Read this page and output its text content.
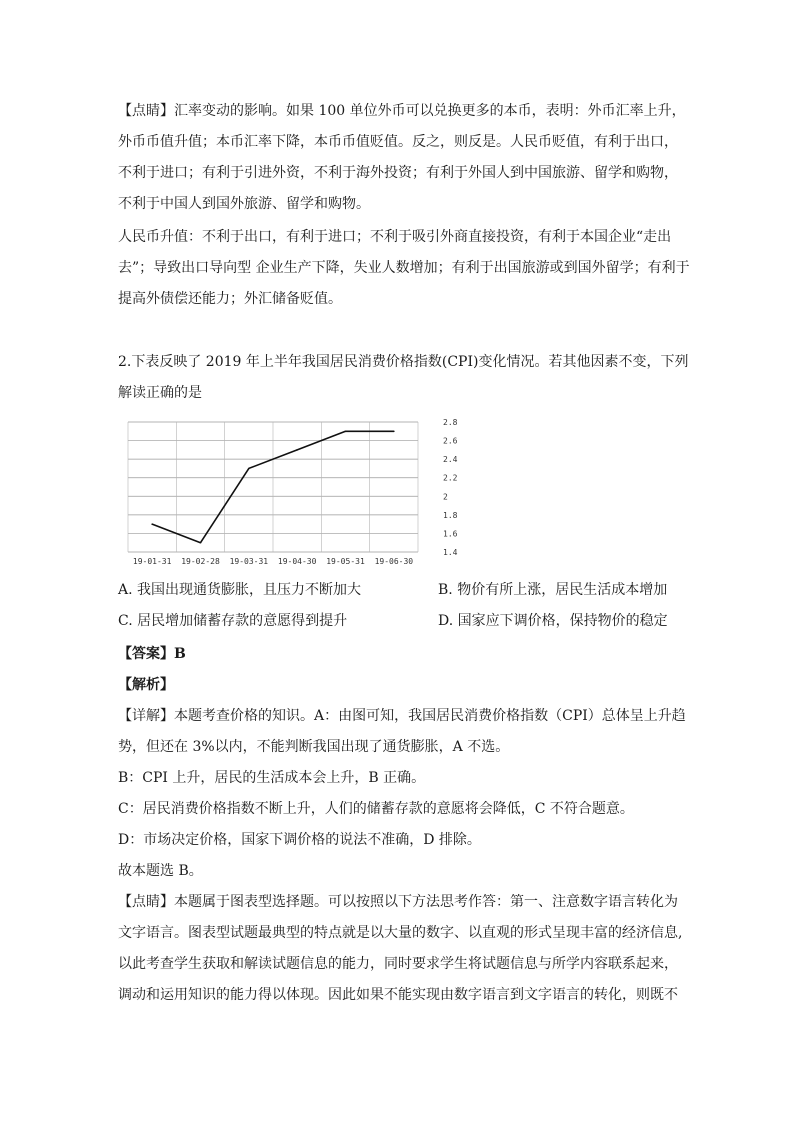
【点睛】汇率变动的影响。如果 100 单位外币可以兑换更多的本币，表明：外币汇率上升，
外币币值升值；本币汇率下降，本币币值贬值。反之，则反是。人民币贬值，有利于出口，
不利于进口；有利于引进外资，不利于海外投资；有利于外国人到中国旅游、留学和购物，
不利于中国人到国外旅游、留学和购物。
人民币升值：不利于出口，有利于进口；不利于吸引外商直接投资，有利于本国企业“走出
去”；导致出口导向型 企业生产下降，失业人数增加；有利于出国旅游或到国外留学；有利于
提高外债偿还能力；外汇储备贬值。
2.下表反映了 2019 年上半年我国居民消费价格指数(CPI)变化情况。若其他因素不变，下列
解读正确的是
2.8
2.6
2.4
2.2
2
1.8
1.6
1.4
19-01-31 19-02-28 19-03-31 19-04-30 19-05-31 19-06-30
A. 我国出现通货膨胀，且压力不断加大	B. 物价有所上涨，居民生活成本增加
C. 居民增加储蓄存款的意愿得到提升	D. 国家应下调价格，保持物价的稳定
【答案】B
【解析】
【详解】本题考查价格的知识。A：由图可知，我国居民消费价格指数（CPI）总体呈上升趋
势，但还在 3%以内，不能判断我国出现了通货膨胀，A 不选。
B：CPI 上升，居民的生活成本会上升，B 正确。
C：居民消费价格指数不断上升，人们的储蓄存款的意愿将会降低，C 不符合题意。
D：市场决定价格，国家下调价格的说法不准确，D 排除。
故本题选 B。
【点睛】本题属于图表型选择题。可以按照以下方法思考作答：第一、注意数字语言转化为
文字语言。图表型试题最典型的特点就是以大量的数字、以直观的形式呈现丰富的经济信息,
以此考查学生获取和解读试题信息的能力，同时要求学生将试题信息与所学内容联系起来，
调动和运用知识的能力得以体现。因此如果不能实现由数字语言到文字语言的转化，则既不
